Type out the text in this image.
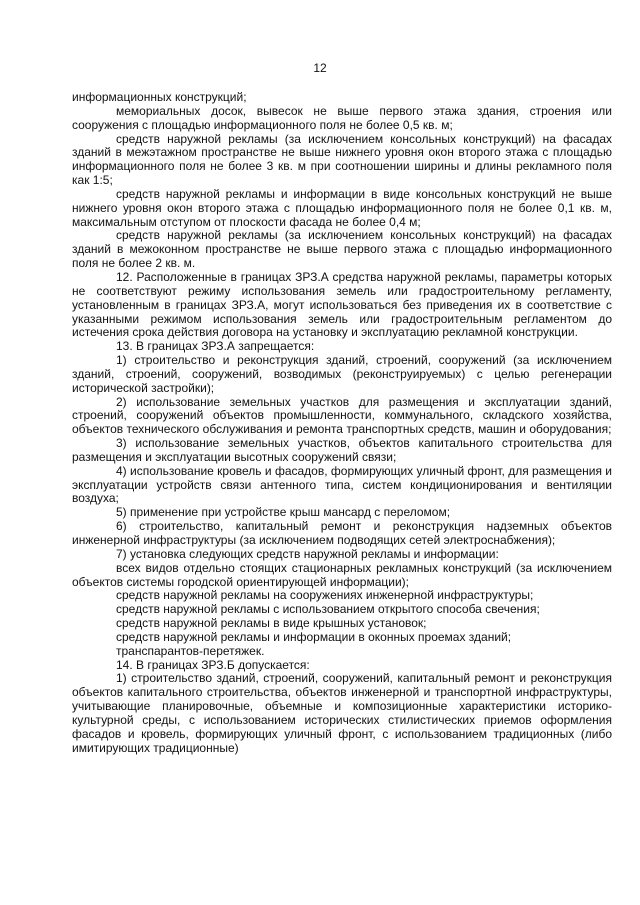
12

информационных конструкций;

мемориальных досок, вывесок не выше первого этажа здания, строения или сооружения с площадью информационного поля не более 0,5 кв. м;

средств наружной рекламы (за исключением консольных конструкций) на фасадах зданий в межэтажном пространстве не выше нижнего уровня окон второго этажа с площадью информационного поля не более 3 кв. м при соотношении ширины и длины рекламного поля как 1:5;

средств наружной рекламы и информации в виде консольных конструкций не выше нижнего уровня окон второго этажа с площадью информационного поля не более 0,1 кв. м, максимальным отступом от плоскости фасада не более 0,4 м;

средств наружной рекламы (за исключением консольных конструкций) на фасадах зданий в межоконном пространстве не выше первого этажа с площадью информационного поля не более 2 кв. м.

12. Расположенные в границах ЗРЗ.А средства наружной рекламы, параметры которых не соответствуют режиму использования земель или градостроительному регламенту, установленным в границах ЗРЗ.А, могут использоваться без приведения их в соответствие с указанными режимом использования земель или градостроительным регламентом до истечения срока действия договора на установку и эксплуатацию рекламной конструкции.

13. В границах ЗРЗ.А запрещается:

1) строительство и реконструкция зданий, строений, сооружений (за исключением зданий, строений, сооружений, возводимых (реконструируемых) с целью регенерации исторической застройки);

2) использование земельных участков для размещения и эксплуатации зданий, строений, сооружений объектов промышленности, коммунального, складского хозяйства, объектов технического обслуживания и ремонта транспортных средств, машин и оборудования;

3) использование земельных участков, объектов капитального строительства для размещения и эксплуатации высотных сооружений связи;

4) использование кровель и фасадов, формирующих уличный фронт, для размещения и эксплуатации устройств связи антенного типа, систем кондиционирования и вентиляции воздуха;

5) применение при устройстве крыш мансард с переломом;

6) строительство, капитальный ремонт и реконструкция надземных объектов инженерной инфраструктуры (за исключением подводящих сетей электроснабжения);

7) установка следующих средств наружной рекламы и информации:

всех видов отдельно стоящих стационарных рекламных конструкций (за исключением объектов системы городской ориентирующей информации);

средств наружной рекламы на сооружениях инженерной инфраструктуры;

средств наружной рекламы с использованием открытого способа свечения;

средств наружной рекламы в виде крышных установок;

средств наружной рекламы и информации в оконных проемах зданий;

транспарантов-перетяжек.

14. В границах ЗРЗ.Б допускается:

1) строительство зданий, строений, сооружений, капитальный ремонт и реконструкция объектов капитального строительства, объектов инженерной и транспортной инфраструктуры, учитывающие планировочные, объемные и композиционные характеристики историко-культурной среды, с использованием исторических стилистических приемов оформления фасадов и кровель, формирующих уличный фронт, с использованием традиционных (либо имитирующих традиционные)
